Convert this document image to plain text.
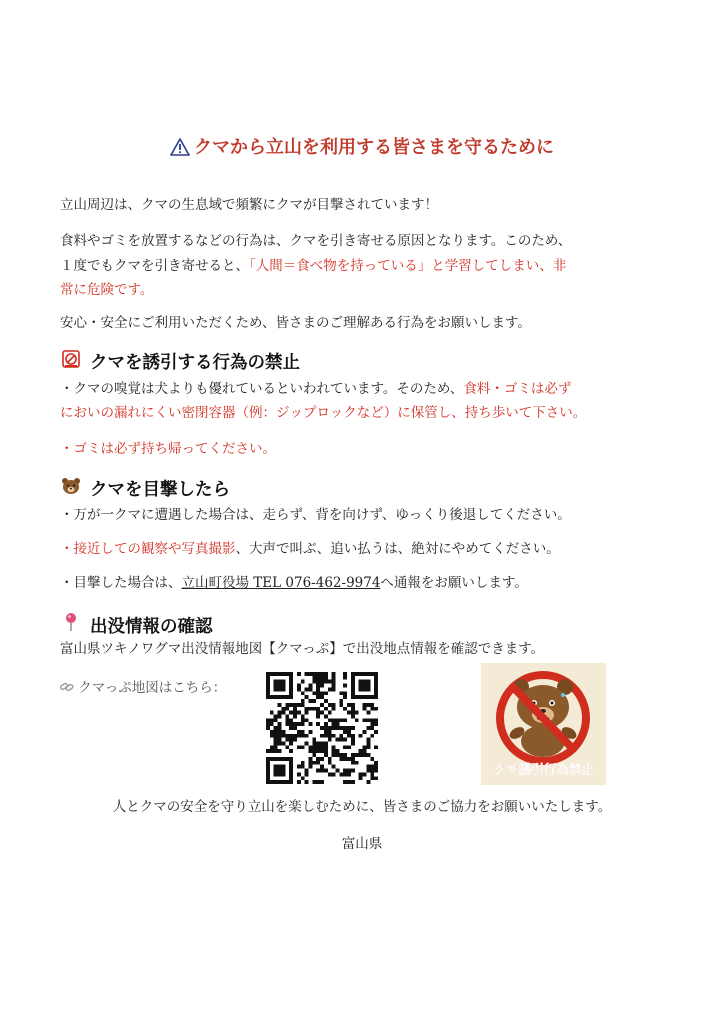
クマから立山を利用する皆さまを守るために
立山周辺は、クマの生息域で頻繁にクマが目撃されています！
食料やゴミを放置するなどの行為は、クマを引き寄せる原因となります。このため、
１度でもクマを引き寄せると、「人間＝食べ物を持っている」と学習してしまい、非
常に危険です。
安心・安全にご利用いただくため、皆さまのご理解ある行為をお願いします。
クマを誘引する行為の禁止
・クマの嗅覚は犬よりも優れているといわれています。そのため、食料・ゴミは必ず
においの漏れにくい密閉容器（例：ジップロックなど）に保管し、持ち歩いて下さい。
・ゴミは必ず持ち帰ってください。
クマを目撃したら
・万が一クマに遭遇した場合は、走らず、背を向けず、ゆっくり後退してください。
・接近しての観察や写真撮影、大声で叫ぶ、追い払うは、絶対にやめてください。
・目撃した場合は、立山町役場 TEL 076-462-9974へ通報をお願いします。
出没情報の確認
富山県ツキノワグマ出没情報地図【クマっぷ】で出没地点情報を確認できます。
クマっぷ地図はこちら：
クマ誘引行為禁止
人とクマの安全を守り立山を楽しむために、皆さまのご協力をお願いいたします。
富山県
